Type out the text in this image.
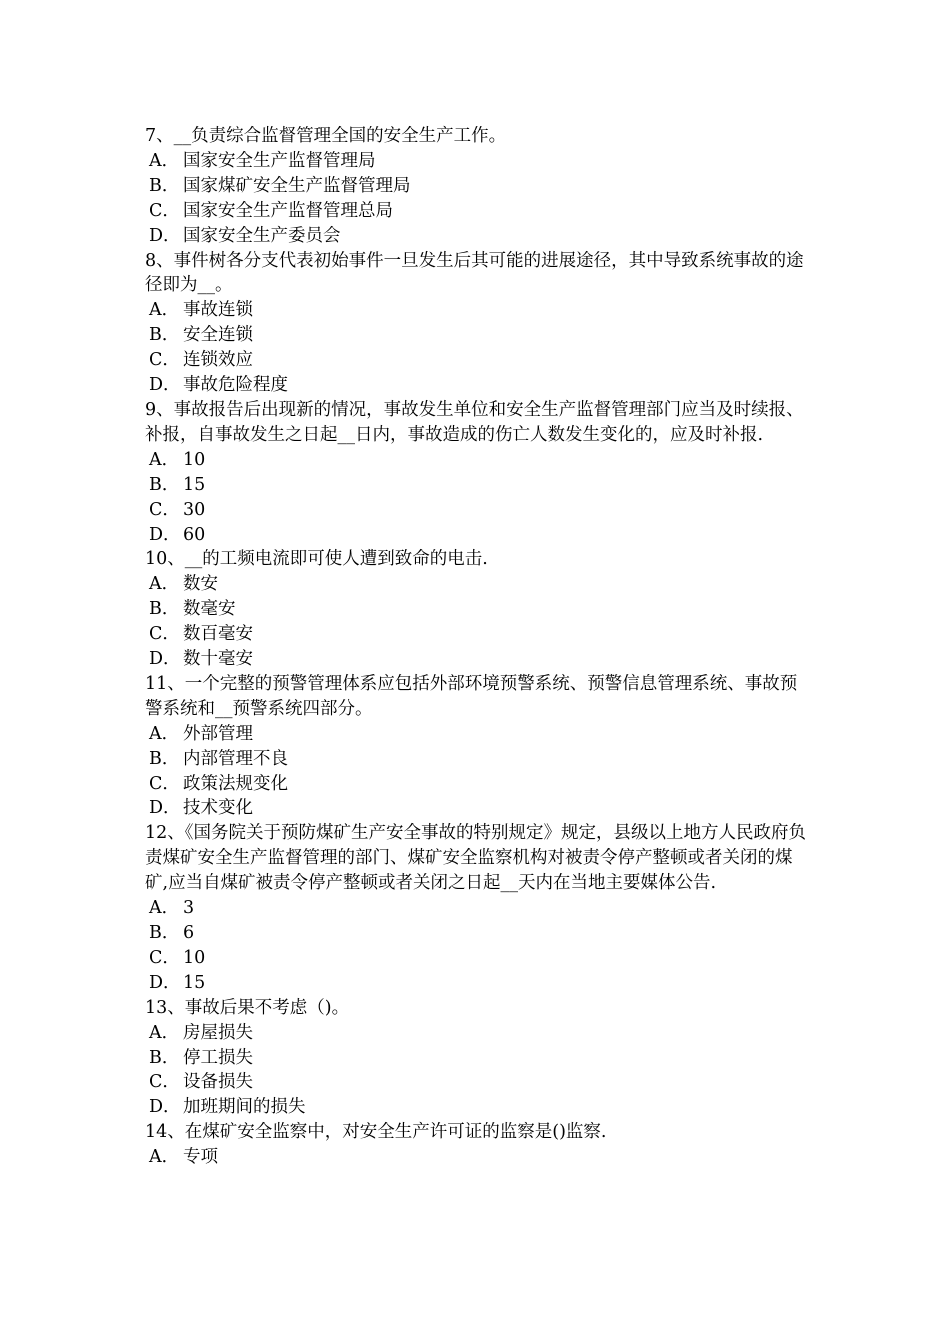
7、__负责综合监督管理全国的安全生产工作。
A． 国家安全生产监督管理局
B． 国家煤矿安全生产监督管理局
C． 国家安全生产监督管理总局
D． 国家安全生产委员会
8、事件树各分支代表初始事件一旦发生后其可能的进展途径，其中导致系统事故的途径即为__。
A． 事故连锁
B． 安全连锁
C． 连锁效应
D． 事故危险程度
9、事故报告后出现新的情况，事故发生单位和安全生产监督管理部门应当及时续报、补报，自事故发生之日起__日内，事故造成的伤亡人数发生变化的，应及时补报.
A． 10
B． 15
C． 30
D． 60
10、__的工频电流即可使人遭到致命的电击.
A． 数安
B． 数毫安
C． 数百毫安
D． 数十毫安
11、一个完整的预警管理体系应包括外部环境预警系统、预警信息管理系统、事故预警系统和__预警系统四部分。
A． 外部管理
B． 内部管理不良
C． 政策法规变化
D． 技术变化
12、《国务院关于预防煤矿生产安全事故的特别规定》规定，县级以上地方人民政府负责煤矿安全生产监督管理的部门、煤矿安全监察机构对被责令停产整顿或者关闭的煤矿,应当自煤矿被责令停产整顿或者关闭之日起__天内在当地主要媒体公告.
A． 3
B． 6
C． 10
D． 15
13、事故后果不考虑（)。
A． 房屋损失
B． 停工损失
C． 设备损失
D． 加班期间的损失
14、在煤矿安全监察中，对安全生产许可证的监察是()监察.
A． 专项
